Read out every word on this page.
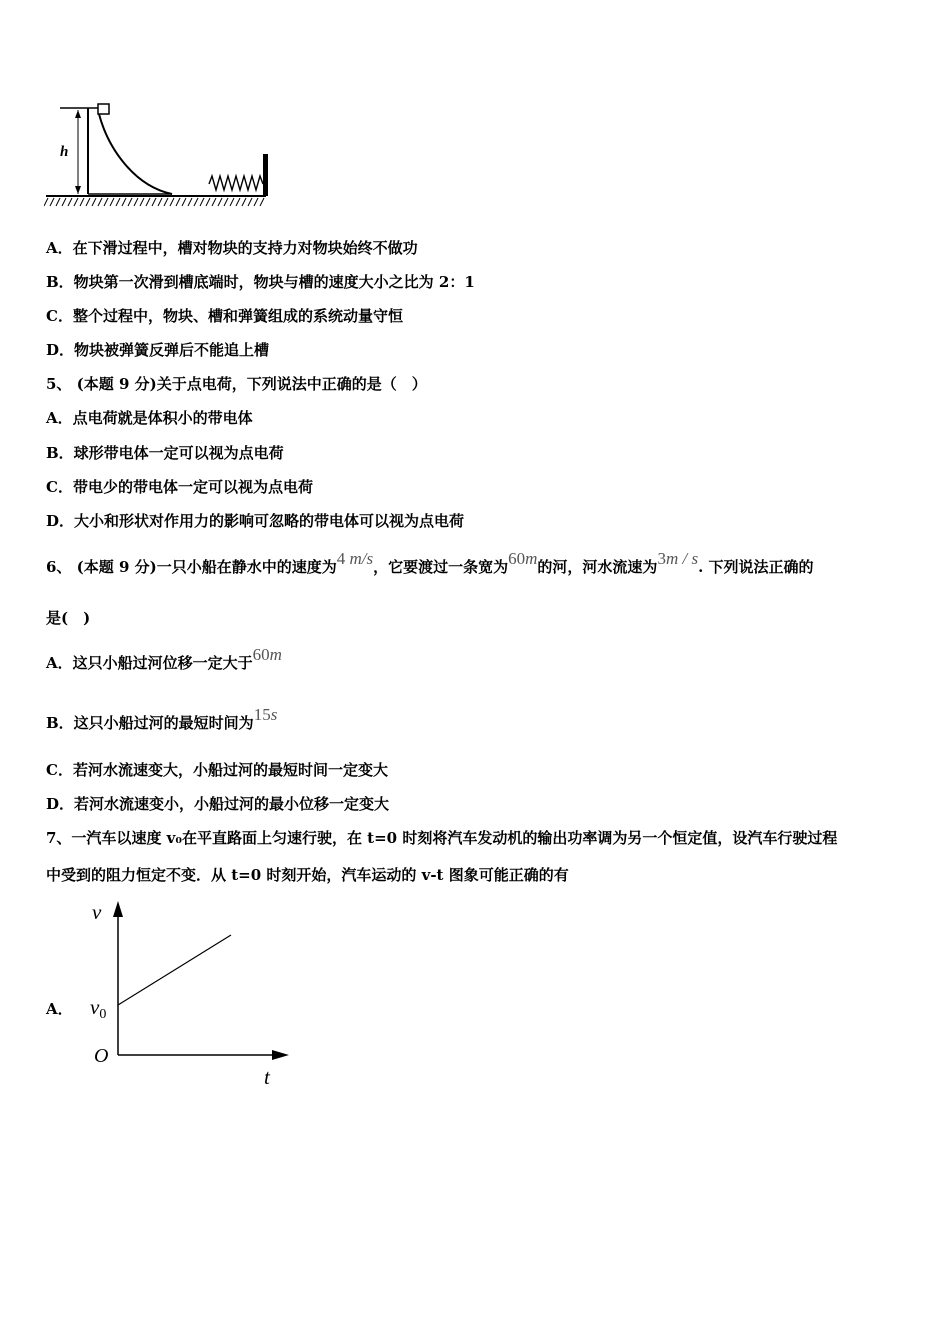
h
A．在下滑过程中，槽对物块的支持力对物块始终不做功
B．物块第一次滑到槽底端时，物块与槽的速度大小之比为 2：1
C．整个过程中，物块、槽和弹簧组成的系统动量守恒
D．物块被弹簧反弹后不能追上槽
5、 (本题 9 分)关于点电荷，下列说法中正确的是（　）
A．点电荷就是体积小的带电体
B．球形带电体一定可以视为点电荷
C．带电少的带电体一定可以视为点电荷
D．大小和形状对作用力的影响可忽略的带电体可以视为点电荷
6、 (本题 9 分)一只小船在静水中的速度为4 m/s，它要渡过一条宽为60m的河，河水流速为3m / s. 下列说法正确的
是(　)
A．这只小船过河位移一定大于60m
B．这只小船过河的最短时间为15s
C．若河水流速变大，小船过河的最短时间一定变大
D．若河水流速变小，小船过河的最小位移一定变大
7、一汽车以速度 v₀在平直路面上匀速行驶，在 t=0 时刻将汽车发动机的输出功率调为另一个恒定值，设汽车行驶过程
中受到的阻力恒定不变．从 t=0 时刻开始，汽车运动的 v-t 图象可能正确的有
A．
v
v0
O
t
